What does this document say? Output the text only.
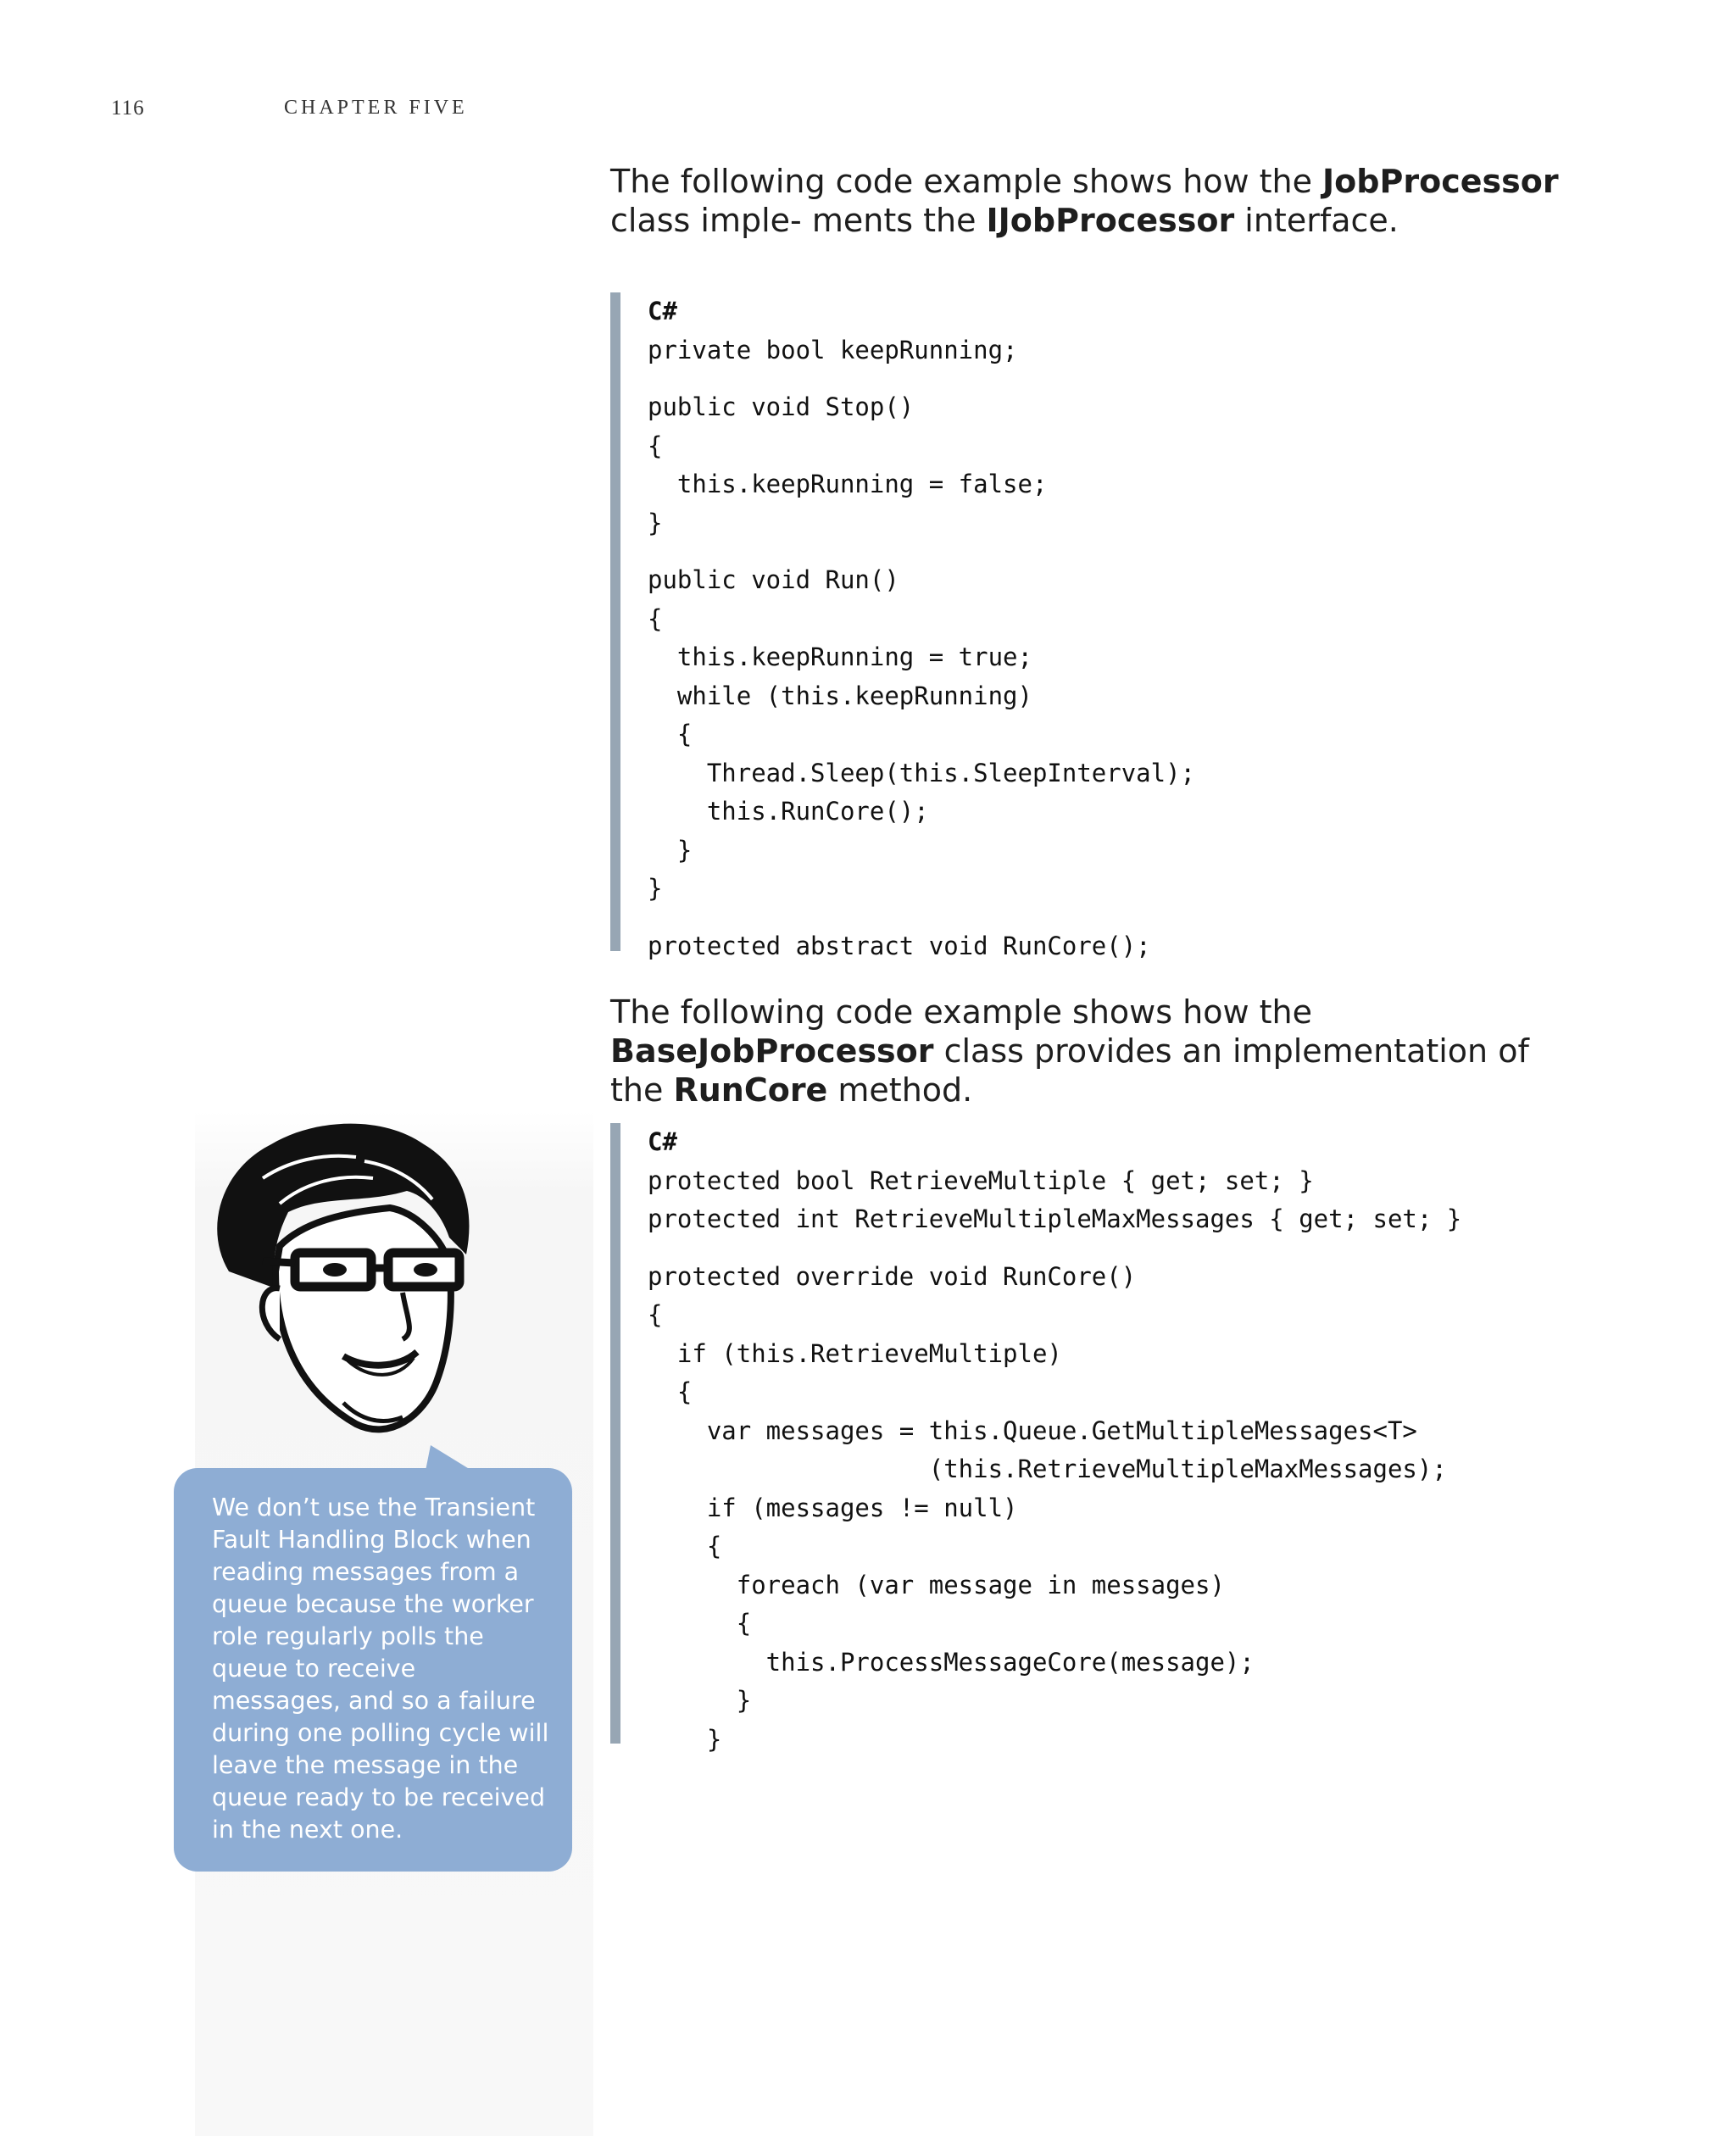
116	CHAPTER FIVE

The following code example shows how the JobProcessor class imple- ments the IJobProcessor interface.

C#
private bool keepRunning;
public void Stop()
{
this.keepRunning = false;
}
public void Run()
{
this.keepRunning = true;
while (this.keepRunning)
{
Thread.Sleep(this.SleepInterval);
this.RunCore();
}
}
protected abstract void RunCore();

The following code example shows how the BaseJobProcessor class provides an implementation of the RunCore method.

C#
protected bool RetrieveMultiple { get; set; }
protected int RetrieveMultipleMaxMessages { get; set; }
protected override void RunCore()
{
if (this.RetrieveMultiple)
{
var messages = this.Queue.GetMultipleMessages<T>
(this.RetrieveMultipleMaxMessages);
if (messages != null)
{
foreach (var message in messages)
{
this.ProcessMessageCore(message);
}
}

We don’t use the Transient Fault Handling Block when reading messages from a queue because the worker role regularly polls the queue to receive messages, and so a failure during one polling cycle will leave the message in the queue ready to be received in the next one.
